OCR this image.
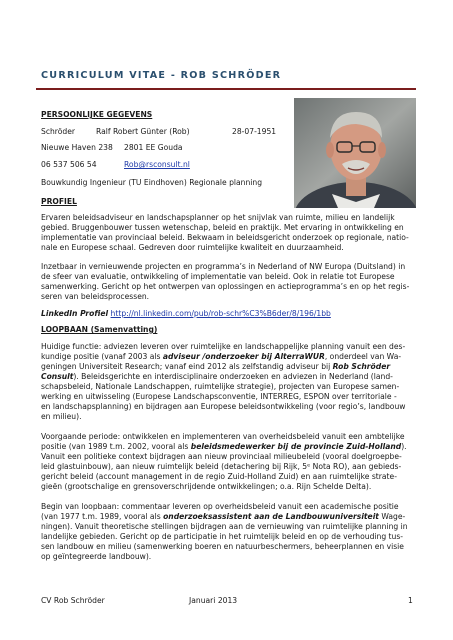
CURRICULUM VITAE - ROB SCHRÖDER
PERSOONLIJKE GEGEVENS
Schröder	Ralf Robert Günter (Rob)	28-07-1951
Nieuwe Haven 238 2801 EE Gouda
06 537 506 54	Rob@rsconsult.nl
Bouwkundig Ingenieur (TU Eindhoven) Regionale planning
PROFIEL
Ervaren beleidsadviseur en landschapsplanner op het snijvlak van ruimte, milieu en landelijk
gebied. Bruggenbouwer tussen wetenschap, beleid en praktijk. Met ervaring in ontwikkeling en
implementatie van provinciaal beleid. Bekwaam in beleidsgericht onderzoek op regionale, natio-
nale en Europese schaal. Gedreven door ruimtelijke kwaliteit en duurzaamheid.
Inzetbaar in vernieuwende projecten en programma’s in Nederland of NW Europa (Duitsland) in
de sfeer van evaluatie, ontwikkeling of implementatie van beleid. Ook in relatie tot Europese
samenwerking. Gericht op het ontwerpen van oplossingen en actieprogramma’s en op het regis-
seren van beleidsprocessen.
LinkedIn Profiel http://nl.linkedin.com/pub/rob-schr%C3%B6der/8/196/1bb
LOOPBAAN (Samenvatting)
Huidige functie: adviezen leveren over ruimtelijke en landschappelijke planning vanuit een des-
kundige positie (vanaf 2003 als adviseur /onderzoeker bij AlterraWUR, onderdeel van Wa-
geningen Universiteit Research; vanaf eind 2012 als zelfstandig adviseur bij Rob Schröder
Consult). Beleidsgerichte en interdisciplinaire onderzoeken en adviezen in Nederland (land-
schapsbeleid, Nationale Landschappen, ruimtelijke strategie), projecten van Europese samen-
werking en uitwisseling (Europese Landschapsconventie, INTERREG, ESPON over territoriale -
en landschapsplanning) en bijdragen aan Europese beleidsontwikkeling (voor regio’s, landbouw
en milieu).
Voorgaande periode: ontwikkelen en implementeren van overheidsbeleid vanuit een ambtelijke
positie (van 1989 t.m. 2002, vooral als beleidsmedewerker bij de provincie Zuid-Holland).
Vanuit een politieke context bijdragen aan nieuw provinciaal milieubeleid (vooral doelgroepbe-
leid glastuinbouw), aan nieuw ruimtelijk beleid (detachering bij Rijk, 5ᵉ Nota RO), aan gebieds-
gericht beleid (account management in de regio Zuid-Holland Zuid) en aan ruimtelijke strate-
gieën (grootschalige en grensoverschrijdende ontwikkelingen; o.a. Rijn Schelde Delta).
Begin van loopbaan: commentaar leveren op overheidsbeleid vanuit een academische positie
(van 1977 t.m. 1989, vooral als onderzoeksassistent aan de Landbouwuniversiteit Wage-
ningen). Vanuit theoretische stellingen bijdragen aan de vernieuwing van ruimtelijke planning in
landelijke gebieden. Gericht op de participatie in het ruimtelijk beleid en op de verhouding tus-
sen landbouw en milieu (samenwerking boeren en natuurbeschermers, beheerplannen en visie
op geïntegreerde landbouw).
CV Rob Schröder	Januari 2013	1
